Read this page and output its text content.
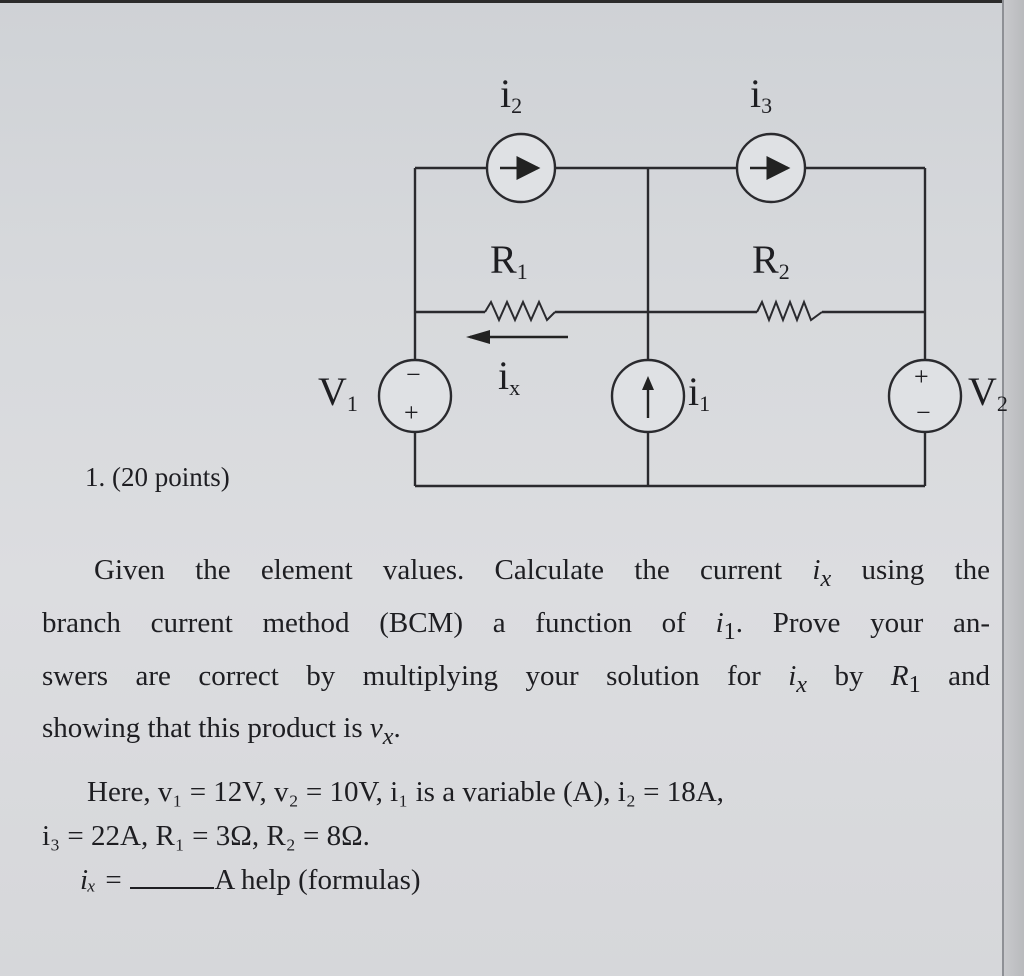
$i_2$	$i_3$
$R_1$	$R_2$
$i_x$	$i_1$
$V_1$	$V_2$
−
+
+
−
1. (20 points)
Given the element values. Calculate the current $i_x$ using the
branch current method (BCM) a function of $i_1$. Prove your an-
swers are correct by multiplying your solution for $i_x$ by $R_1$ and
showing that this product is $v_x$.
Here, v₁ = 12V, v₂ = 10V, i₁ is a variable (A), i₂ = 18A,
i₃ = 22A, R₁ = 3Ω, R₂ = 8Ω.
iₓ =	A help (formulas)
